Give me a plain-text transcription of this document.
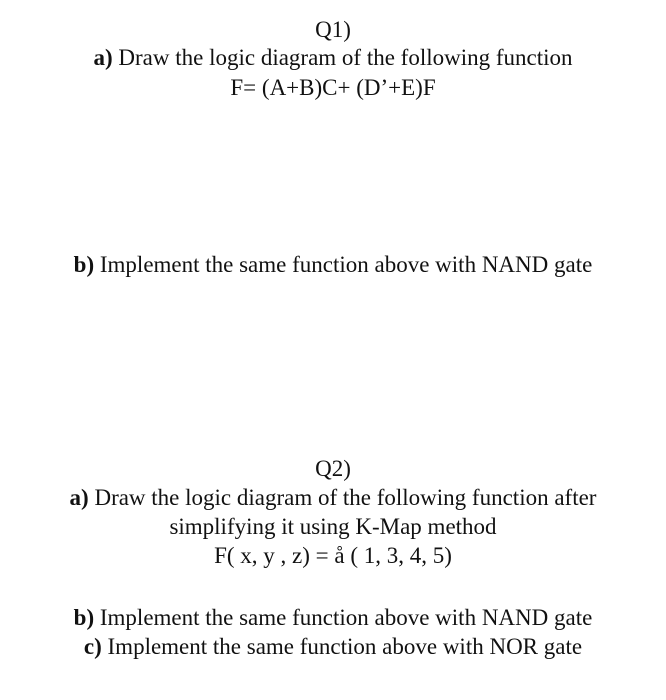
Q1)
a) Draw the logic diagram of the following function
F= (A+B)C+ (D’+E)F
b) Implement the same function above with NAND gate
Q2)
a) Draw the logic diagram of the following function after
simplifying it using K-Map method
F( x, y , z) = å ( 1, 3, 4, 5)
b) Implement the same function above with NAND gate
c) Implement the same function above with NOR gate
